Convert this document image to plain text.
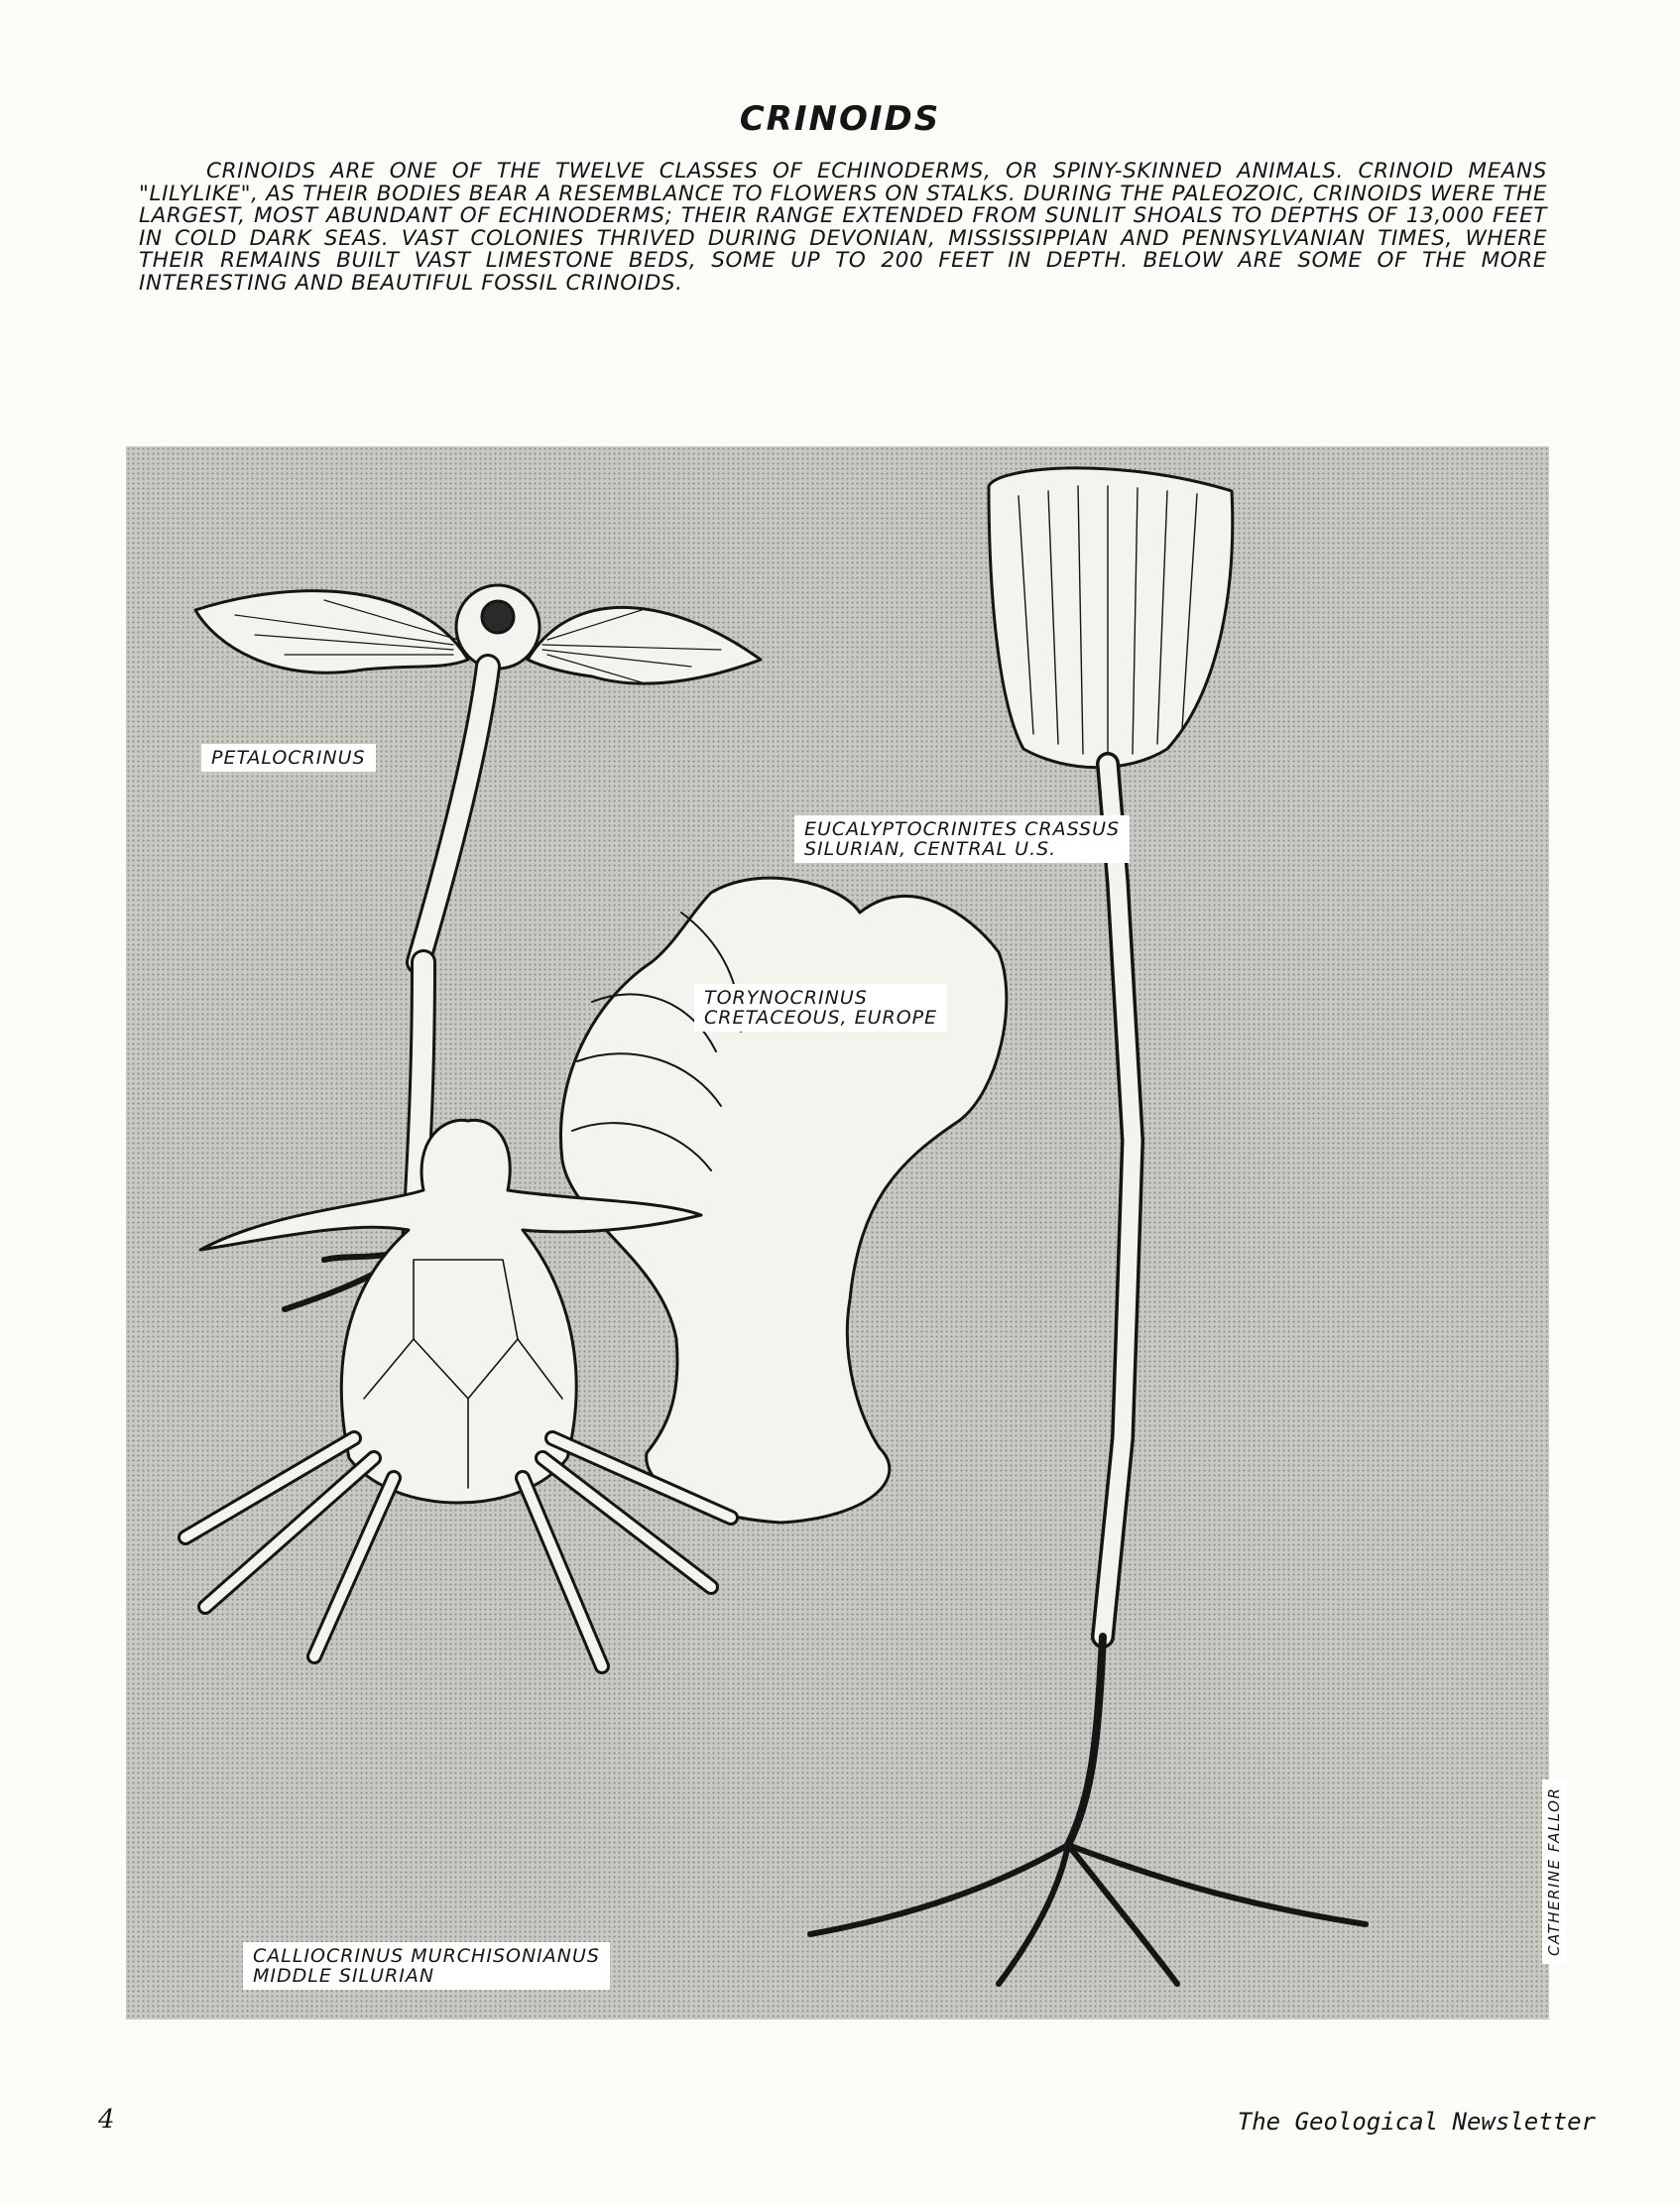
CRINOIDS

CRINOIDS ARE ONE OF THE TWELVE CLASSES OF ECHINODERMS, OR SPINY-SKINNED ANIMALS. CRINOID MEANS "LILYLIKE", AS THEIR BODIES BEAR A RESEMBLANCE TO FLOWERS ON STALKS. DURING THE PALEOZOIC, CRINOIDS WERE THE LARGEST, MOST ABUNDANT OF ECHINODERMS; THEIR RANGE EXTENDED FROM SUNLIT SHOALS TO DEPTHS OF 13,000 FEET IN COLD DARK SEAS. VAST COLONIES THRIVED DURING DEVONIAN, MISSISSIPPIAN AND PENNSYLVANIAN TIMES, WHERE THEIR REMAINS BUILT VAST LIMESTONE BEDS, SOME UP TO 200 FEET IN DEPTH. BELOW ARE SOME OF THE MORE INTERESTING AND BEAUTIFUL FOSSIL CRINOIDS.

PETALOCRINUS
EUCALYPTOCRINITES CRASSUS
SILURIAN, CENTRAL U.S.
TORYNOCRINUS
CRETACEOUS, EUROPE
CALLIOCRINUS MURCHISONIANUS
MIDDLE SILURIAN
CATHERINE FALLOR
4	The Geological Newsletter
